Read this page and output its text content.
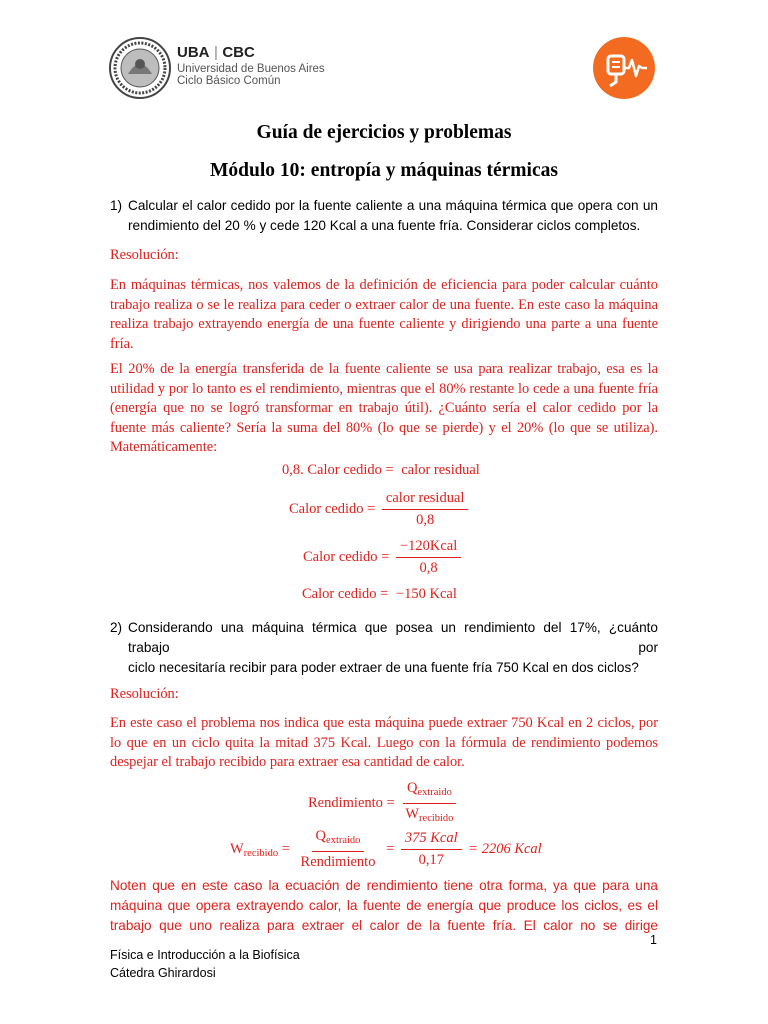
UBA | CBC
Universidad de Buenos Aires
Ciclo Básico Común
Guía de ejercicios y problemas
Módulo 10: entropía y máquinas térmicas
1) Calcular el calor cedido por la fuente caliente a una máquina térmica que opera con un
rendimiento del 20 % y cede 120 Kcal a una fuente fría. Considerar ciclos completos.
Resolución:
En máquinas térmicas, nos valemos de la definición de eficiencia para poder calcular cuánto trabajo realiza o se le realiza para ceder o extraer calor de una fuente. En este caso la máquina realiza trabajo extrayendo energía de una fuente caliente y dirigiendo una parte a una fuente fría.
El 20% de la energía transferida de la fuente caliente se usa para realizar trabajo, esa es la utilidad y por lo tanto es el rendimiento, mientras que el 80% restante lo cede a una fuente fría (energía que no se logró transformar en trabajo útil). ¿Cuánto sería el calor cedido por la fuente más caliente? Sería la suma del 80% (lo que se pierde) y el 20% (lo que se utiliza). Matemáticamente:
0,8. Calor cedido = calor residual
Calor cedido = $\frac{\text{calor residual}}{0,8}$
Calor cedido = $\frac{\text{−120Kcal}}{0,8}$
Calor cedido = −150 Kcal
2) Considerando una máquina térmica que posea un rendimiento del 17%, ¿cuánto trabajo por
ciclo necesitaría recibir para poder extraer de una fuente fría 750 Kcal en dos ciclos?
Resolución:
En este caso el problema nos indica que esta máquina puede extraer 750 Kcal en 2 ciclos, por lo que en un ciclo quita la mitad 375 Kcal. Luego con la fórmula de rendimiento podemos despejar el trabajo recibido para extraer esa cantidad de calor.
Rendimiento = $\frac{Q_{extraido}}{W_{recibido}}$
$W_{recibido} = \frac{Q_{extraido}}{\text{Rendimiento}} = \frac{\text{375 Kcal}}{0,17} = 2206$ Kcal
Noten que en este caso la ecuación de rendimiento tiene otra forma, ya que para una máquina que opera extrayendo calor, la fuente de energía que produce los ciclos, es el trabajo que uno realiza para extraer el calor de la fuente fría. El calor no se dirige
1
Física e Introducción a la Biofísica
Cátedra Ghirardosi
